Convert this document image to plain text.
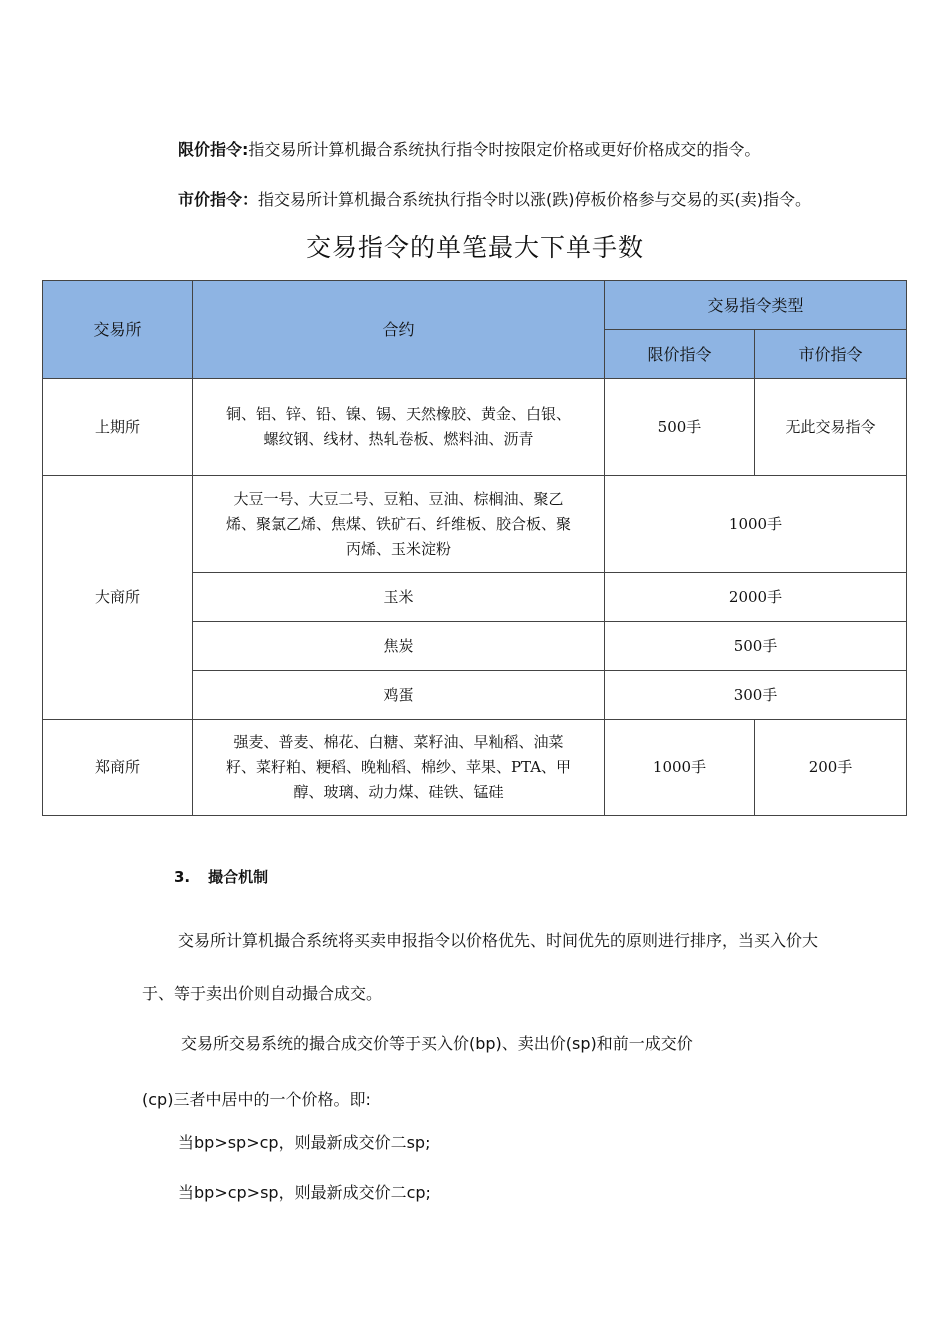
限价指令:指交易所计算机撮合系统执行指令时按限定价格或更好价格成交的指令。
市价指令：指交易所计算机撮合系统执行指令时以涨(跌)停板价格参与交易的买(卖)指令。
交易指令的单笔最大下单手数
交易所	合约	交易指令类型	
		限价指令	市价指令
上期所	铜、铝、锌、铅、镍、锡、天然橡胶、黄金、白银、
螺纹钢、线材、热轧卷板、燃料油、沥青	500手	无此交易指令
大商所	大豆一号、大豆二号、豆粕、豆油、棕榈油、聚乙
烯、聚氯乙烯、焦煤、铁矿石、纤维板、胶合板、聚
丙烯、玉米淀粉	1000手	
	玉米	2000手	
	焦炭	500手	
	鸡蛋	300手	
郑商所	强麦、普麦、棉花、白糖、菜籽油、早籼稻、油菜
籽、菜籽粕、粳稻、晚籼稻、棉纱、苹果、PTA、甲
醇、玻璃、动力煤、硅铁、锰硅	1000手	200手
3. 撮合机制
交易所计算机撮合系统将买卖申报指令以价格优先、时间优先的原则进行排序，当买入价大
于、等于卖出价则自动撮合成交。
交易所交易系统的撮合成交价等于买入价(bp)、卖出价(sp)和前一成交价
(cp)三者中居中的一个价格。即:
当bp>sp>cp，则最新成交价二sp;
当bp>cp>sp，则最新成交价二cp;
